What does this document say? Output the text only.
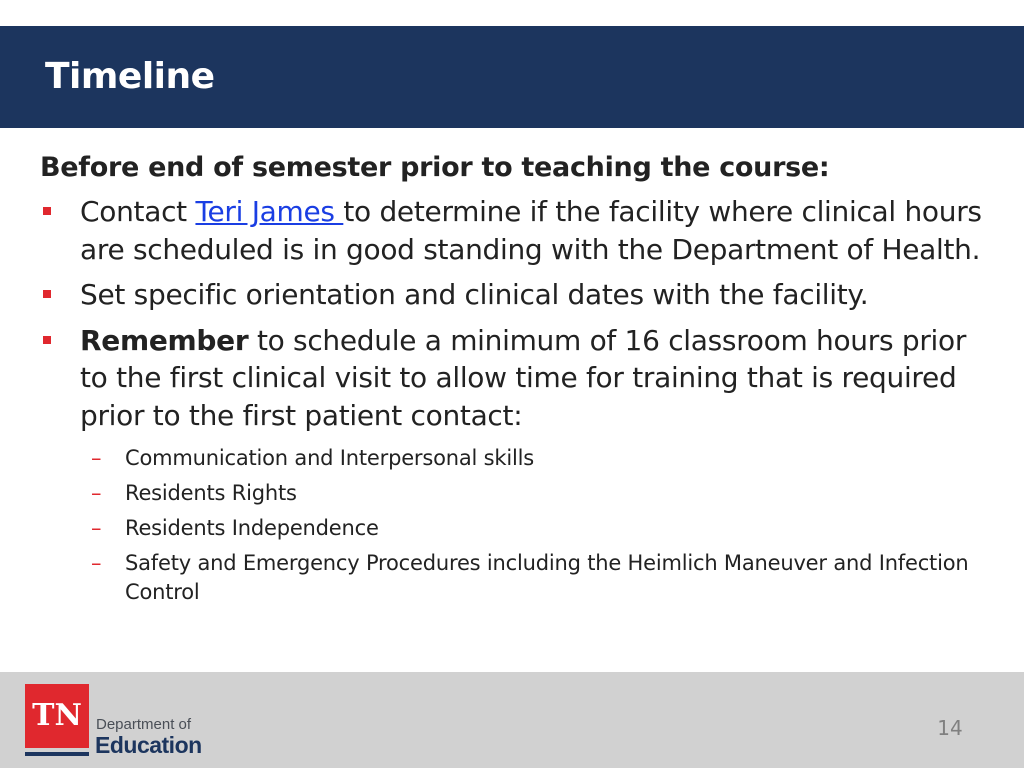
Timeline
Before end of semester prior to teaching the course:
Contact Teri James to determine if the facility where clinical hours are scheduled is in good standing with the Department of Health.
Set specific orientation and clinical dates with the facility.
Remember to schedule a minimum of 16 classroom hours prior to the first clinical visit to allow time for training that is required prior to the first patient contact:
– Communication and Interpersonal skills
– Residents Rights
– Residents Independence
– Safety and Emergency Procedures including the Heimlich Maneuver and Infection Control
TN Department of
Education
14
